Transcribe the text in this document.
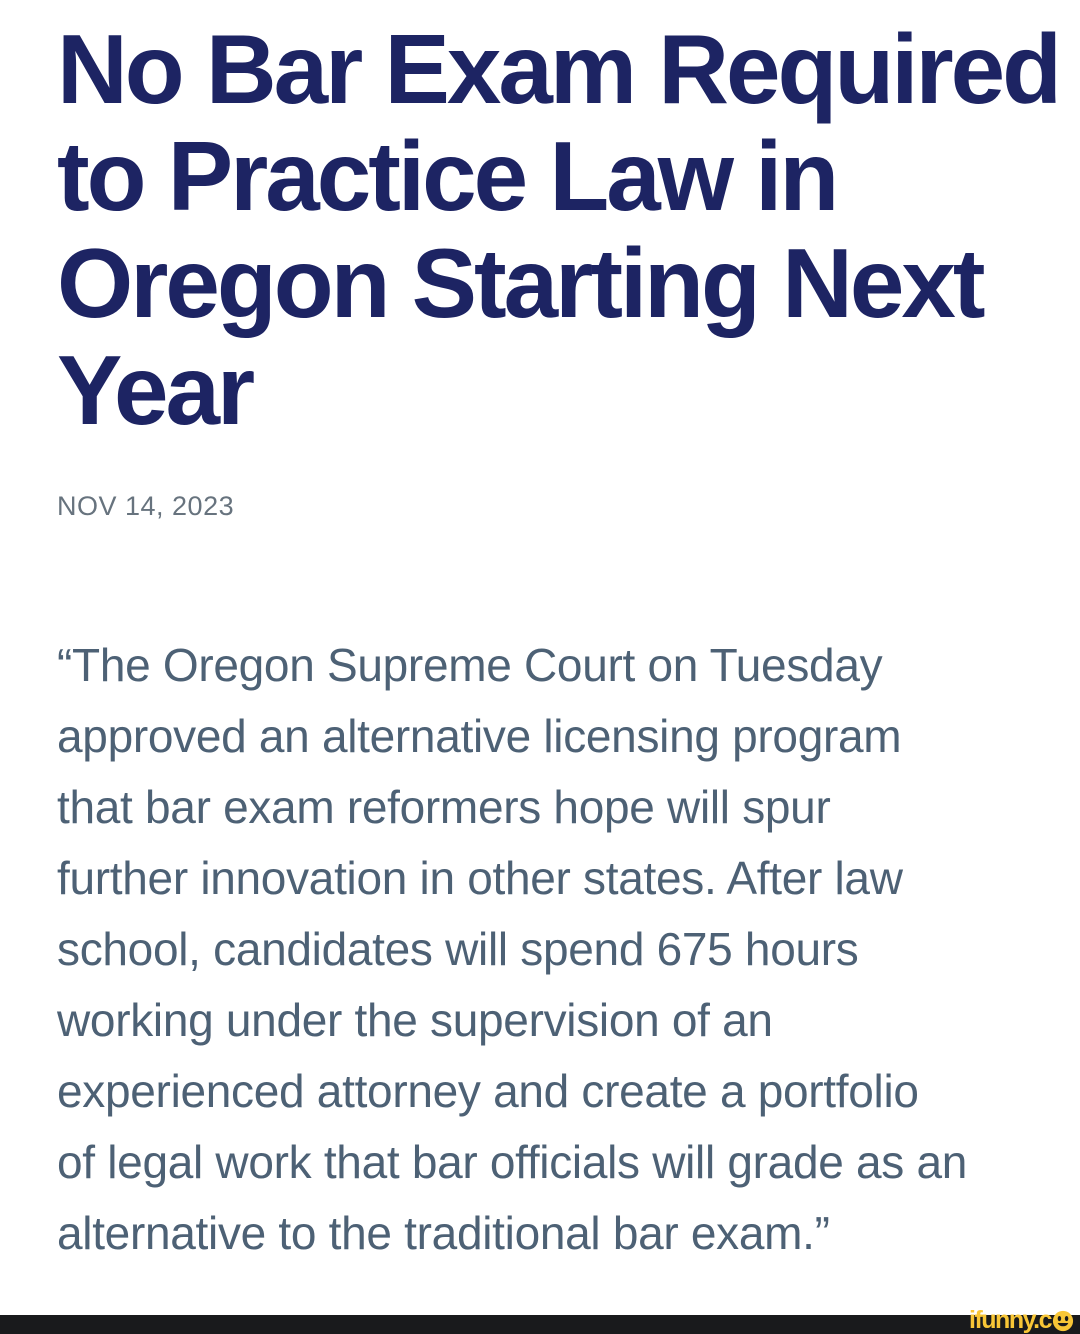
No Bar Exam Required
to Practice Law in
Oregon Starting Next
Year
NOV 14, 2023

“The Oregon Supreme Court on Tuesday

approved an alternative licensing program

that bar exam reformers hope will spur

further innovation in other states. After law

school, candidates will spend 675 hours

working under the supervision of an

experienced attorney and create a portfolio

of legal work that bar officials will grade as an

alternative to the traditional bar exam.”

ifunny.c
